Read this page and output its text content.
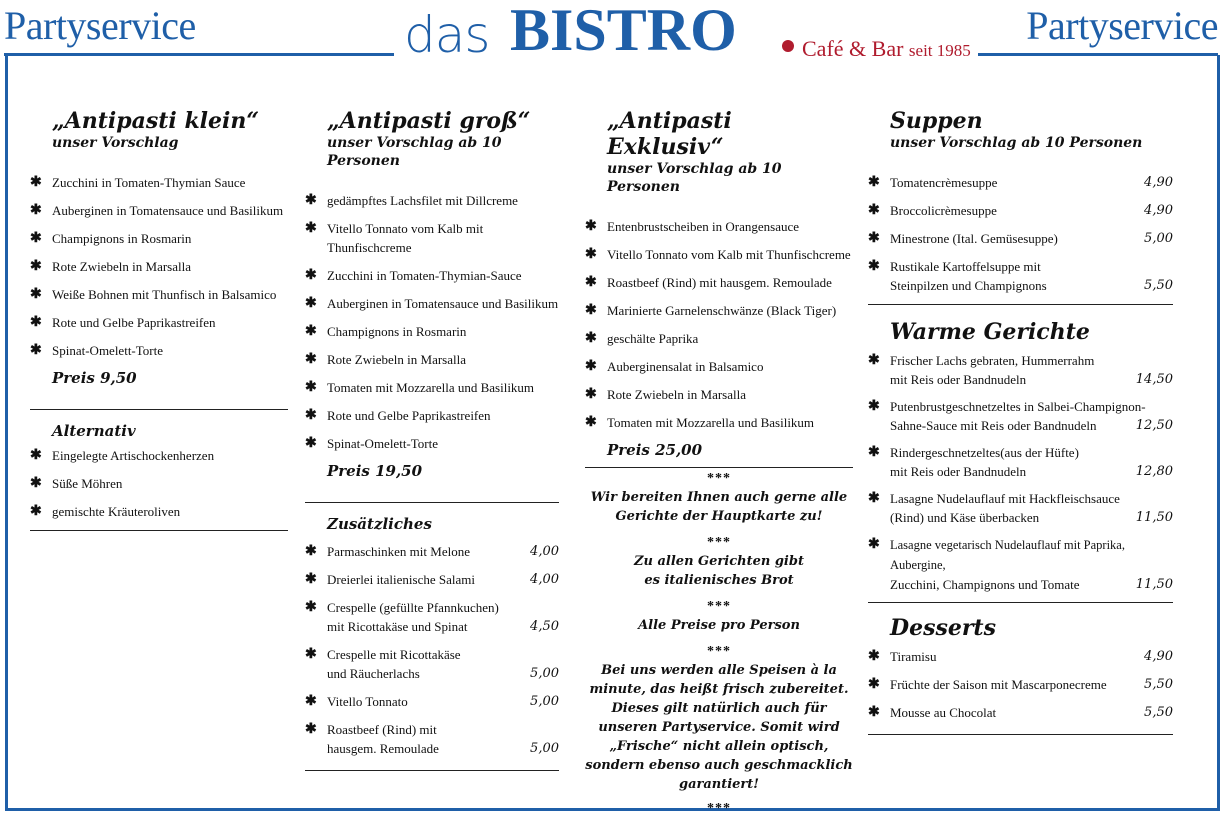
Partyservice	das BISTRO	Café & Bar seit 1985
Partyservice

„Antipasti klein“

unser Vorschlag

✱ Zucchini in Tomaten-Thymian Sauce
✱ Auberginen in Tomatensauce und Basilikum
✱ Champignons in Rosmarin
✱ Rote Zwiebeln in Marsalla
✱ Weiße Bohnen mit Thunfisch in Balsamico
✱ Rote und Gelbe Paprikastreifen
✱ Spinat-Omelett-Torte
Preis 9,50

Alternativ

✱ Eingelegte Artischockenherzen
✱ Süße Möhren
✱ gemischte Kräuteroliven

„Antipasti groß“

unser Vorschlag ab 10 Personen

✱ gedämpftes Lachsfilet mit Dillcreme
✱ Vitello Tonnato vom Kalb mit Thunfischcreme
✱ Zucchini in Tomaten-Thymian-Sauce
✱ Auberginen in Tomatensauce und Basilikum
✱ Champignons in Rosmarin
✱ Rote Zwiebeln in Marsalla
✱ Tomaten mit Mozzarella und Basilikum
✱ Rote und Gelbe Paprikastreifen
✱ Spinat-Omelett-Torte
Preis 19,50

Zusätzliches

✱ Parmaschinken mit Melone	4,00
✱ Dreierlei italienische Salami	4,00
✱ Crespelle (gefüllte Pfannkuchen)
mit Ricottakäse und Spinat	4,50
✱ Crespelle mit Ricottakäse
und Räucherlachs	5,00
✱ Vitello Tonnato	5,00
✱ Roastbeef (Rind) mit
hausgem. Remoulade	5,00

„Antipasti Exklusiv“

unser Vorschlag ab 10 Personen

✱ Entenbrustscheiben in Orangensauce
✱ Vitello Tonnato vom Kalb mit Thunfischcreme
✱ Roastbeef (Rind) mit hausgem. Remoulade
✱ Marinierte Garnelenschwänze (Black Tiger)
✱ geschälte Paprika
✱ Auberginensalat in Balsamico
✱ Rote Zwiebeln in Marsalla
✱ Tomaten mit Mozzarella und Basilikum
Preis 25,00
***
Wir bereiten Ihnen auch gerne alle
Gerichte der Hauptkarte zu!
***
Zu allen Gerichten gibt
es italienisches Brot
***
Alle Preise pro Person
***
Bei uns werden alle Speisen à la
minute, das heißt frisch zubereitet.
Dieses gilt natürlich auch für
unseren Partyservice. Somit wird
„Frische“ nicht allein optisch,
sondern ebenso auch geschmacklich
garantiert!
***

Suppen

unser Vorschlag ab 10 Personen

✱ Tomatencrèmesuppe	4,90
✱ Broccolicrèmesuppe	4,90
✱ Minestrone (Ital. Gemüsesuppe)	5,00
✱ Rustikale Kartoffelsuppe mit
Steinpilzen und Champignons	5,50

Warme Gerichte

✱ Frischer Lachs gebraten, Hummerrahm
mit Reis oder Bandnudeln	14,50
✱ Putenbrustgeschnetzeltes in Salbei-Champignon-
Sahne-Sauce mit Reis oder Bandnudeln	12,50
✱ Rindergeschnetzeltes(aus der Hüfte)
mit Reis oder Bandnudeln	12,80
✱ Lasagne Nudelauflauf mit Hackfleischsauce
(Rind) und Käse überbacken	11,50
✱ Lasagne vegetarisch Nudelauflauf mit Paprika, Aubergine,
Zucchini, Champignons und Tomate	11,50

Desserts

✱ Tiramisu	4,90
✱ Früchte der Saison mit Mascarponecreme	5,50
✱ Mousse au Chocolat	5,50
